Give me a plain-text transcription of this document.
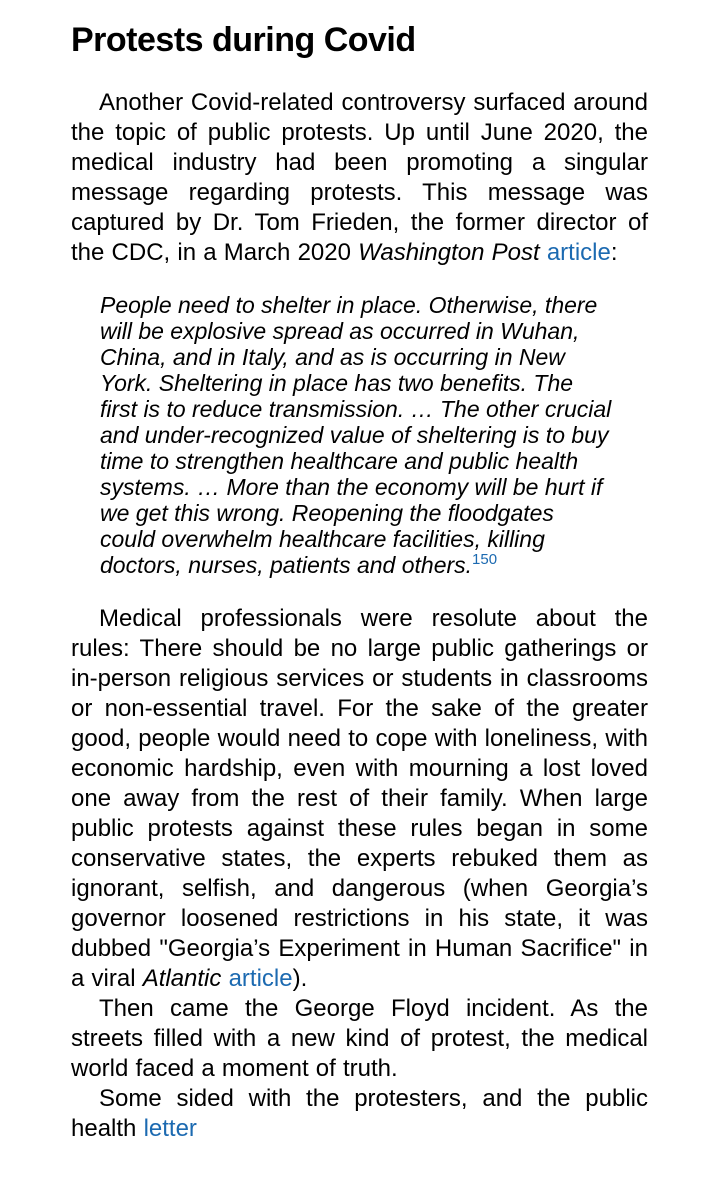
Protests during Covid

Another Covid-related controversy surfaced around the topic of public protests. Up until June 2020, the medical industry had been promoting a singular message regarding protests. This message was captured by Dr. Tom Frieden, the former director of the CDC, in a March 2020 Washington Post article:

People need to shelter in place. Otherwise, there will be explosive spread as occurred in Wuhan, China, and in Italy, and as is occurring in New York. Sheltering in place has two benefits. The first is to reduce transmission. … The other crucial and under-recognized value of sheltering is to buy time to strengthen healthcare and public health systems. … More than the economy will be hurt if we get this wrong. Reopening the floodgates could overwhelm healthcare facilities, killing doctors, nurses, patients and others.$^{150}$

Medical professionals were resolute about the rules: There should be no large public gatherings or in-person religious services or students in classrooms or non-essential travel. For the sake of the greater good, people would need to cope with loneliness, with economic hardship, even with mourning a lost loved one away from the rest of their family. When large public protests against these rules began in some conservative states, the experts rebuked them as ignorant, selfish, and dangerous (when Georgia’s governor loosened restrictions in his state, it was dubbed "Georgia’s Experiment in Human Sacrifice" in a viral Atlantic article).

Then came the George Floyd incident. As the streets filled with a new kind of protest, the medical world faced a moment of truth.

Some sided with the protesters, and the public health letter
